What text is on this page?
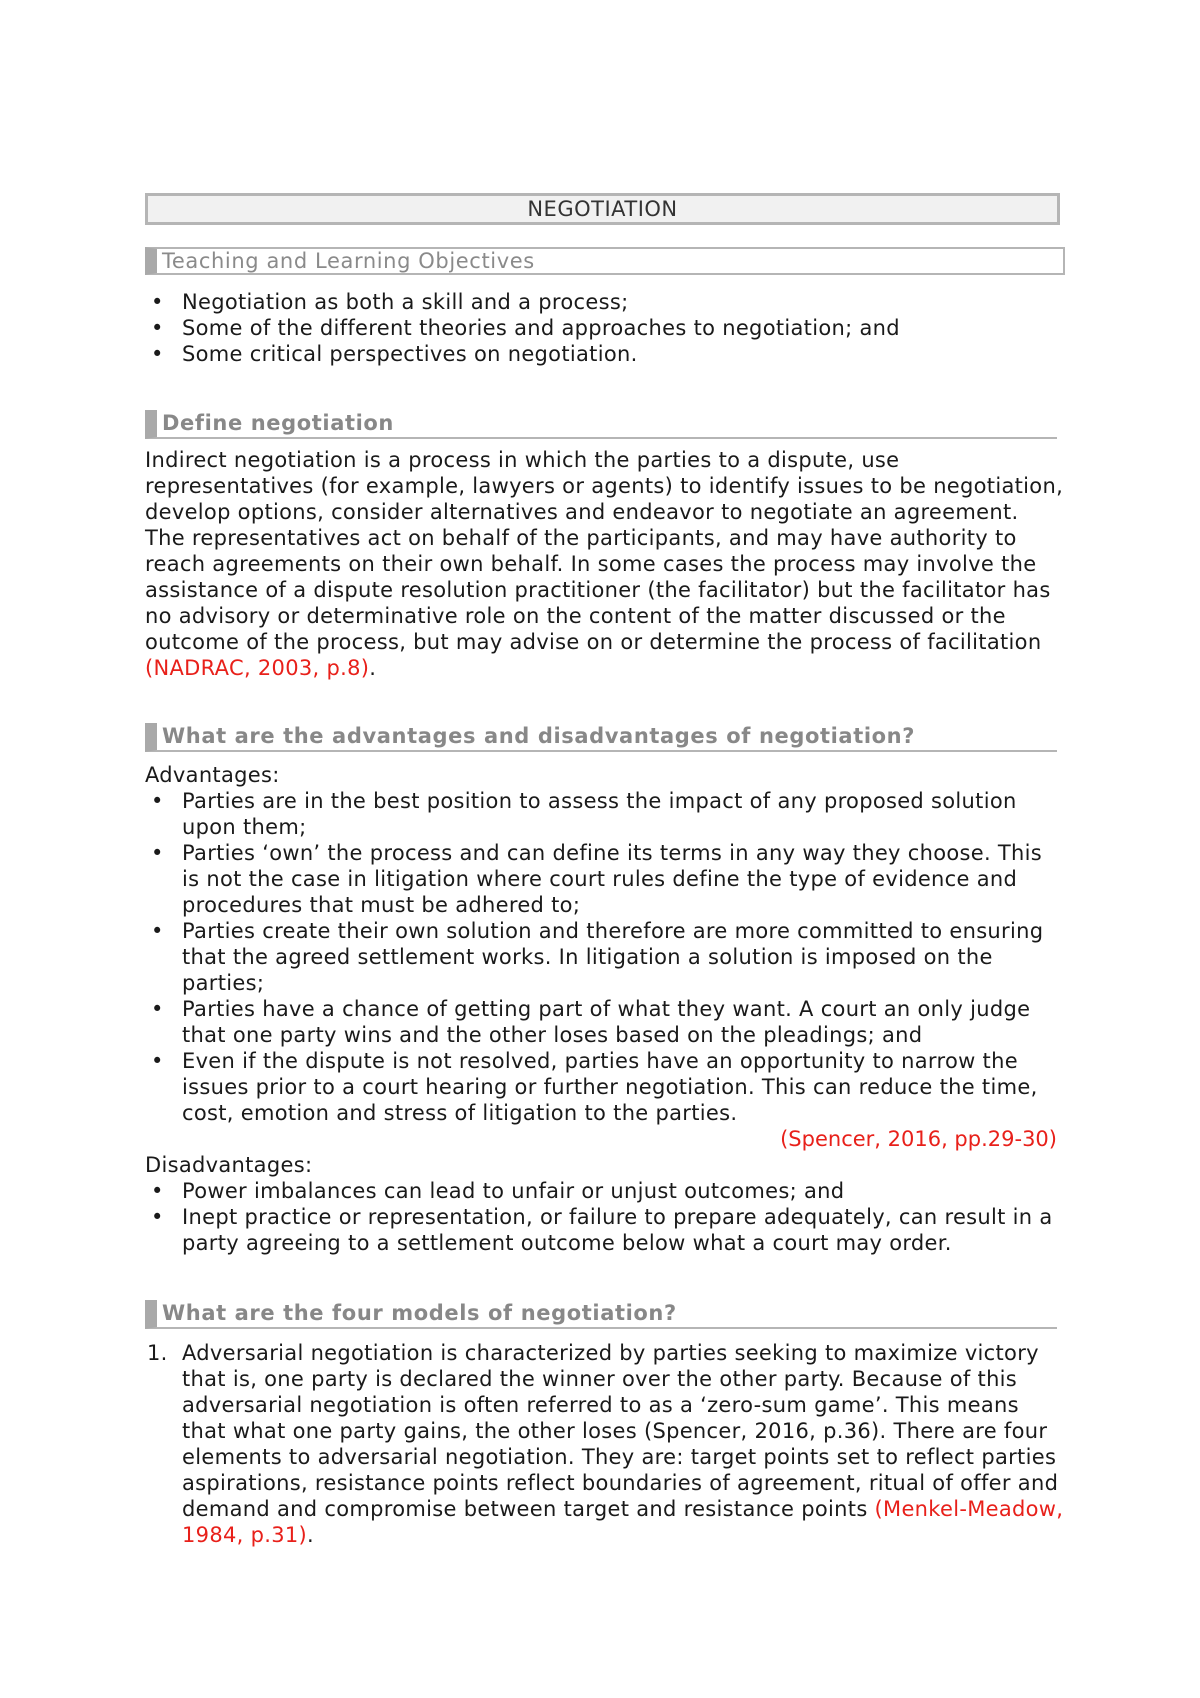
NEGOTIATION
Teaching and Learning Objectives
• Negotiation as both a skill and a process;
• Some of the different theories and approaches to negotiation; and
• Some critical perspectives on negotiation.
Define negotiation

Indirect negotiation is a process in which the parties to a dispute, use representatives (for example, lawyers or agents) to identify issues to be negotiation, develop options, consider alternatives and endeavor to negotiate an agreement. The representatives act on behalf of the participants, and may have authority to reach agreements on their own behalf. In some cases the process may involve the assistance of a dispute resolution practitioner (the facilitator) but the facilitator has no advisory or determinative role on the content of the matter discussed or the outcome of the process, but may advise on or determine the process of facilitation (NADRAC, 2003, p.8).

What are the advantages and disadvantages of negotiation?
Advantages:
• Parties are in the best position to assess the impact of any proposed solution upon them;
• Parties ‘own’ the process and can define its terms in any way they choose. This is not the case in litigation where court rules define the type of evidence and procedures that must be adhered to;
• Parties create their own solution and therefore are more committed to ensuring that the agreed settlement works. In litigation a solution is imposed on the parties;
• Parties have a chance of getting part of what they want. A court an only judge that one party wins and the other loses based on the pleadings; and
• Even if the dispute is not resolved, parties have an opportunity to narrow the issues prior to a court hearing or further negotiation. This can reduce the time, cost, emotion and stress of litigation to the parties.
(Spencer, 2016, pp.29-30)
Disadvantages:
• Power imbalances can lead to unfair or unjust outcomes; and
• Inept practice or representation, or failure to prepare adequately, can result in a party agreeing to a settlement outcome below what a court may order.
What are the four models of negotiation?
1. Adversarial negotiation is characterized by parties seeking to maximize victory that is, one party is declared the winner over the other party. Because of this adversarial negotiation is often referred to as a ‘zero-sum game’. This means that what one party gains, the other loses (Spencer, 2016, p.36). There are four elements to adversarial negotiation. They are: target points set to reflect parties aspirations, resistance points reflect boundaries of agreement, ritual of offer and demand and compromise between target and resistance points (Menkel-Meadow, 1984, p.31).
